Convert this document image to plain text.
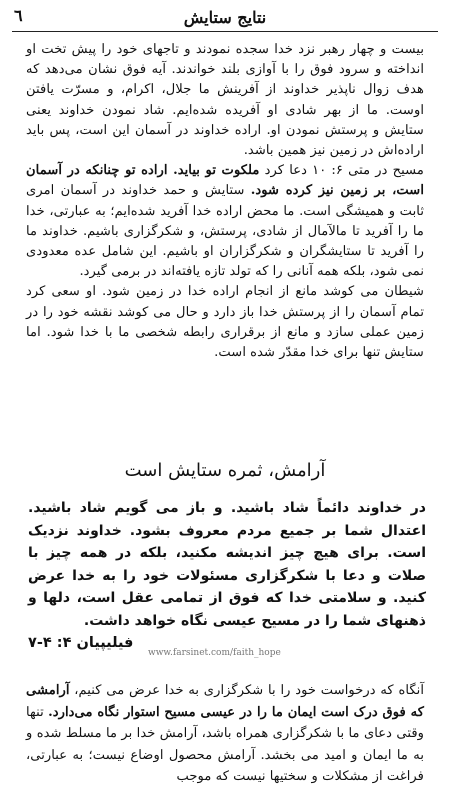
نتایج ستایش
٦

بیست و چهار رهبر نزد خدا سجده نمودند و تاجهای خود را پیش تخت او انداخته و سرود فوق را با آوازی بلند خواندند. آیه فوق نشان می‌دهد که هدف زوال ناپذیر خداوند از آفرینش ما جلال، اکرام، و مسرّت یافتن اوست. ما از بهر شادی او آفریده شده‌ایم. شاد نمودن خداوند یعنی ستایش و پرستش نمودن او. اراده خداوند در آسمان این است، پس باید اراده‌اش در زمین نیز همین باشد.

مسیح در متی ۶: ۱۰ دعا کرد ملکوت تو بیاید. اراده تو چنانکه در آسمان است، بر زمین نیز کرده شود. ستایش و حمد خداوند در آسمان امری ثابت و همیشگی است. ما محض اراده خدا آفرید شده‌ایم؛ به عبارتی، خدا ما را آفرید تا مالآمال از شادی، پرستش، و شکرگزاری باشیم. خداوند ما را آفرید تا ستایشگران و شکرگزاران او باشیم. این شامل عده معدودی نمی شود، بلکه همه آنانی را که تولد تازه یافته‌اند در برمی گیرد.

شیطان می کوشد مانع از انجام اراده خدا در زمین شود. او سعی کرد تمام آسمان را از پرستش خدا باز دارد و حال می کوشد نقشه خود را در زمین عملی سازد و مانع از برقراری رابطه شخصی ما با خدا شود. اما ستایش تنها برای خدا مقدّر شده است.

آرامش، ثمره ستایش است
در خداوند دائماً شاد باشید. و باز می گویم شاد باشید. اعتدال شما بر جمیع مردم معروف بشود. خداوند نزدیک است. برای هیچ چیز اندیشه مکنید، بلکه در همه چیز با صلات و دعا با شکرگزاری مسئولات خود را به خدا عرض کنید. و سلامتی خدا که فوق از تمامی عقل است، دلها و ذهنهای شما را در مسیح عیسی نگاه خواهد داشت.
فیلیپیان ۴: ۴-۷
www.farsinet.com/faith_hope

آنگاه که درخواست خود را با شکرگزاری به خدا عرض می کنیم، آرامشی که فوق درک است ایمان ما را در عیسی مسیح استوار نگاه می‌دارد. تنها وقتی دعای ما با شکرگزاری همراه باشد، آرامش خدا بر ما مسلط شده و به ما ایمان و امید می بخشد. آرامش محصول اوضاع نیست؛ به عبارتی، فراغت از مشکلات و سختیها نیست که موجب
